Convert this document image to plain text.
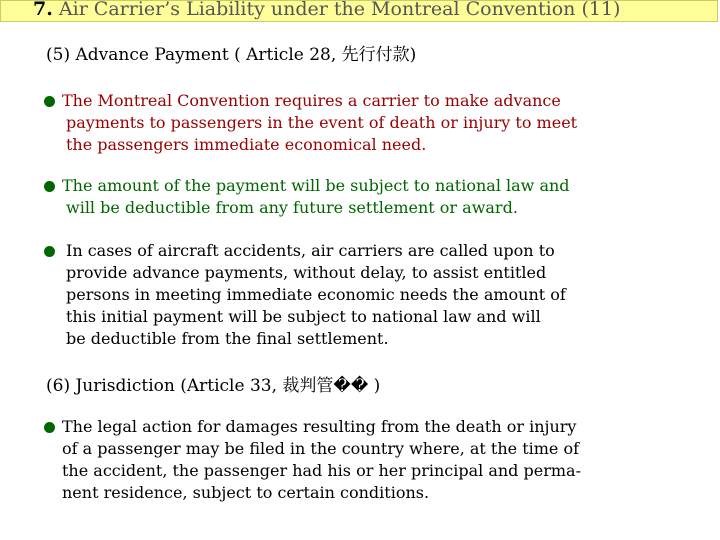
7. Air Carrier’s Liability under the Montreal Convention (11)
(5) Advance Payment ( Article 28, 先行付款)
The Montreal Convention requires a carrier to make advance
payments to passengers in the event of death or injury to meet
the passengers immediate economical need.
The amount of the payment will be subject to national law and
will be deductible from any future settlement or award.
In cases of aircraft accidents, air carriers are called upon to
provide advance payments, without delay, to assist entitled
persons in meeting immediate economic needs the amount of
this initial payment will be subject to national law and will
be deductible from the final settlement.
(6) Jurisdiction (Article 33, 裁判管�� )
The legal action for damages resulting from the death or injury
of a passenger may be filed in the country where, at the time of
the accident, the passenger had his or her principal and perma-
nent residence, subject to certain conditions.
